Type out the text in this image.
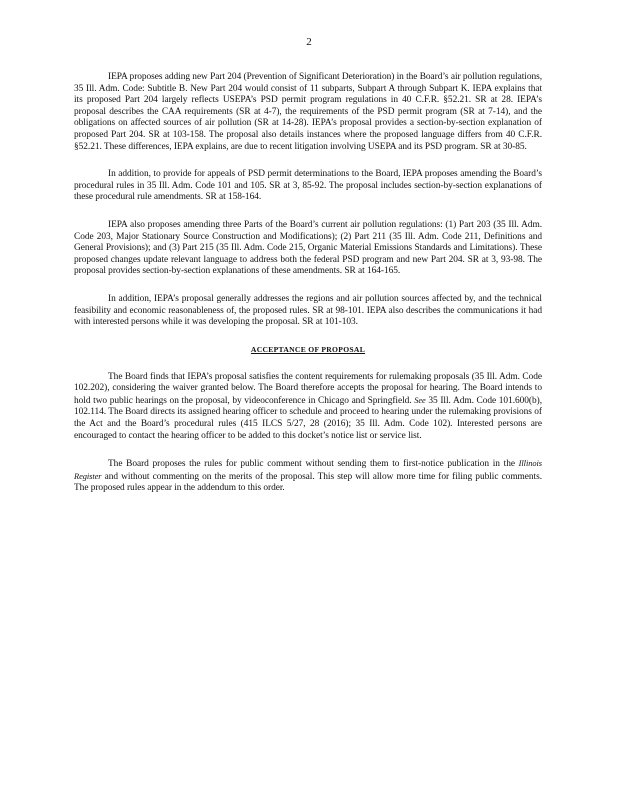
2

IEPA proposes adding new Part 204 (Prevention of Significant Deterioration) in the Board’s air pollution regulations, 35 Ill. Adm. Code: Subtitle B. New Part 204 would consist of 11 subparts, Subpart A through Subpart K. IEPA explains that its proposed Part 204 largely reflects USEPA’s PSD permit program regulations in 40 C.F.R. §52.21. SR at 28. IEPA’s proposal describes the CAA requirements (SR at 4-7), the requirements of the PSD permit program (SR at 7-14), and the obligations on affected sources of air pollution (SR at 14-28). IEPA’s proposal provides a section-by-section explanation of proposed Part 204. SR at 103-158. The proposal also details instances where the proposed language differs from 40 C.F.R. §52.21. These differences, IEPA explains, are due to recent litigation involving USEPA and its PSD program. SR at 30-85.

In addition, to provide for appeals of PSD permit determinations to the Board, IEPA proposes amending the Board’s procedural rules in 35 Ill. Adm. Code 101 and 105. SR at 3, 85-92. The proposal includes section-by-section explanations of these procedural rule amendments. SR at 158-164.

IEPA also proposes amending three Parts of the Board’s current air pollution regulations: (1) Part 203 (35 Ill. Adm. Code 203, Major Stationary Source Construction and Modifications); (2) Part 211 (35 Ill. Adm. Code 211, Definitions and General Provisions); and (3) Part 215 (35 Ill. Adm. Code 215, Organic Material Emissions Standards and Limitations). These proposed changes update relevant language to address both the federal PSD program and new Part 204. SR at 3, 93-98. The proposal provides section-by-section explanations of these amendments. SR at 164-165.

In addition, IEPA’s proposal generally addresses the regions and air pollution sources affected by, and the technical feasibility and economic reasonableness of, the proposed rules. SR at 98-101. IEPA also describes the communications it had with interested persons while it was developing the proposal. SR at 101-103.

ACCEPTANCE OF PROPOSAL

The Board finds that IEPA’s proposal satisfies the content requirements for rulemaking proposals (35 Ill. Adm. Code 102.202), considering the waiver granted below. The Board therefore accepts the proposal for hearing. The Board intends to hold two public hearings on the proposal, by videoconference in Chicago and Springfield. See 35 Ill. Adm. Code 101.600(b), 102.114. The Board directs its assigned hearing officer to schedule and proceed to hearing under the rulemaking provisions of the Act and the Board’s procedural rules (415 ILCS 5/27, 28 (2016); 35 Ill. Adm. Code 102). Interested persons are encouraged to contact the hearing officer to be added to this docket’s notice list or service list.

The Board proposes the rules for public comment without sending them to first-notice publication in the Illinois Register and without commenting on the merits of the proposal. This step will allow more time for filing public comments. The proposed rules appear in the addendum to this order.
